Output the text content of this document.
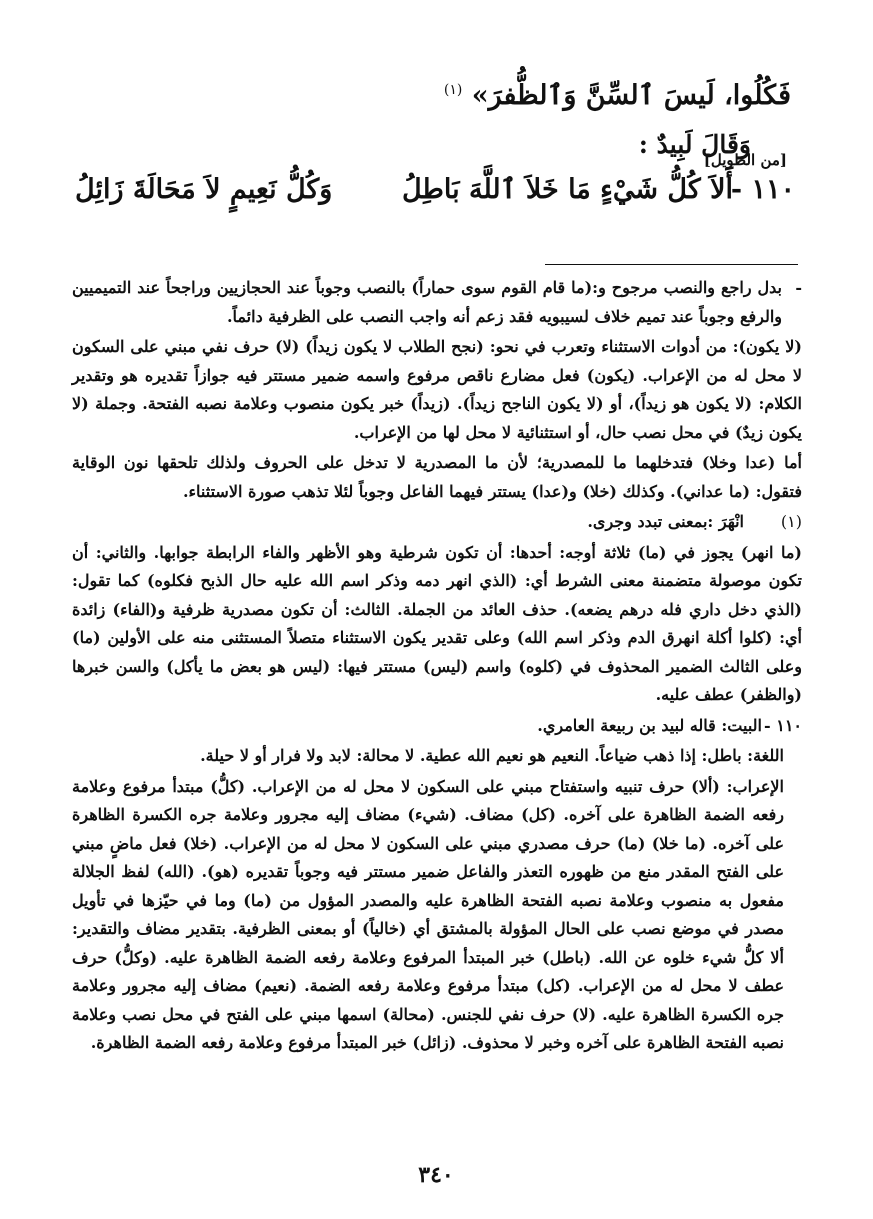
فَكُلُوا، لَيسَ ٱلسِّنَّ وَٱلظُّفرَ» $^{(١)}$
وَقَالَ لَبِيدٌ :
[من الطويل]
١١٠ -
أَلاَ كُلُّ شَيْءٍ مَا خَلاَ ٱللَّهَ بَاطِلُ
وَكُلُّ نَعِيمٍ لاَ مَحَالَةَ زَائِلُ

-
بدل راجع والنصب مرجوح و:(ما قام القوم سوى حماراً) بالنصب وجوباً عند الحجازيين وراجحاً عند التميميين والرفع وجوباً عند تميم خلاف لسيبويه فقد زعم أنه واجب النصب على الظرفية دائماً.

(لا يكون): من أدوات الاستثناء وتعرب في نحو: (نجح الطلاب لا يكون زيداً) (لا) حرف نفي مبني على السكون لا محل له من الإعراب. (يكون) فعل مضارع ناقص مرفوع واسمه ضمير مستتر فيه جوازاً تقديره هو وتقدير الكلام: (لا يكون هو زيداً)، أو (لا يكون الناجح زيداً). (زيداً) خبر يكون منصوب وعلامة نصبه الفتحة. وجملة (لا يكون زيدٌ) في محل نصب حال، أو استثنائية لا محل لها من الإعراب.

أما (عدا وخلا) فتدخلهما ما للمصدرية؛ لأن ما المصدرية لا تدخل على الحروف ولذلك تلحقها نون الوقاية فتقول: (ما عداني). وكذلك (خلا) و(عدا) يستتر فيهما الفاعل وجوباً لئلا تذهب صورة الاستثناء.

(١)
انْهَرَ :بمعنى تبدد وجرى.

(ما انهر) يجوز في (ما) ثلاثة أوجه: أحدها: أن تكون شرطية وهو الأظهر والفاء الرابطة جوابها. والثاني: أن تكون موصولة متضمنة معنى الشرط أي: (الذي انهر دمه وذكر اسم الله عليه حال الذبح فكلوه) كما تقول: (الذي دخل داري فله درهم يضعه). حذف العائد من الجملة. الثالث: أن تكون مصدرية ظرفية و(الفاء) زائدة أي: (كلوا أكلة انهرق الدم وذكر اسم الله) وعلى تقدير يكون الاستثناء متصلاً المستثنى منه على الأولين (ما) وعلى الثالث الضمير المحذوف في (كلوه) واسم (ليس) مستتر فيها: (ليس هو بعض ما يأكل) والسن خبرها (والظفر) عطف عليه.

١١٠ -
البيت: قاله لبيد بن ربيعة العامري.

اللغة: باطل: إذا ذهب ضياعاً. النعيم هو نعيم الله عطية. لا محالة: لابد ولا فرار أو لا حيلة.

الإعراب: (ألا) حرف تنبيه واستفتاح مبني على السكون لا محل له من الإعراب. (كلُّ) مبتدأ مرفوع وعلامة رفعه الضمة الظاهرة على آخره. (كل) مضاف. (شيء) مضاف إليه مجرور وعلامة جره الكسرة الظاهرة على آخره. (ما خلا) (ما) حرف مصدري مبني على السكون لا محل له من الإعراب. (خلا) فعل ماضٍ مبني على الفتح المقدر منع من ظهوره التعذر والفاعل ضمير مستتر فيه وجوباً تقديره (هو). (الله) لفظ الجلالة مفعول به منصوب وعلامة نصبه الفتحة الظاهرة عليه والمصدر المؤول من (ما) وما في حيّزها في تأويل مصدر في موضع نصب على الحال المؤولة بالمشتق أي (خالياً) أو بمعنى الظرفية. بتقدير مضاف والتقدير: ألا كلُّ شيء خلوه عن الله. (باطل) خبر المبتدأ المرفوع وعلامة رفعه الضمة الظاهرة عليه. (وكلُّ) حرف عطف لا محل له من الإعراب. (كل) مبتدأ مرفوع وعلامة رفعه الضمة. (نعيم) مضاف إليه مجرور وعلامة جره الكسرة الظاهرة عليه. (لا) حرف نفي للجنس. (محالة) اسمها مبني على الفتح في محل نصب وعلامة نصبه الفتحة الظاهرة على آخره وخبر لا محذوف. (زائل) خبر المبتدأ مرفوع وعلامة رفعه الضمة الظاهرة.

٣٤٠
